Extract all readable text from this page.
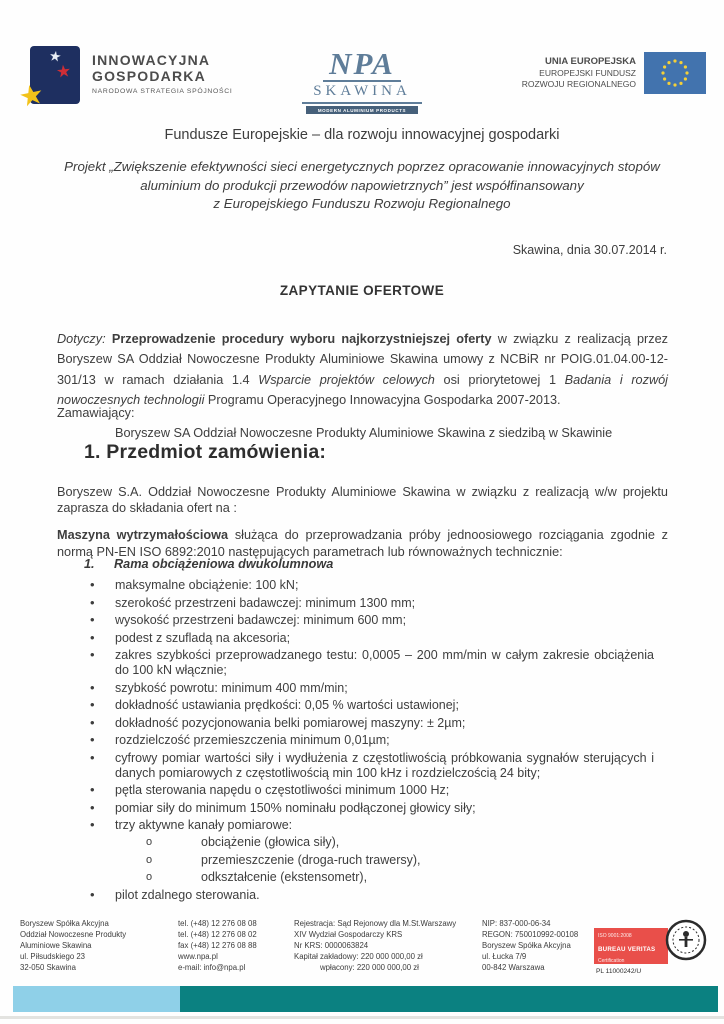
★
★
★
INNOWACYJNA
GOSPODARKA
NARODOWA STRATEGIA SPÓJNOŚCI
NPA
SKAWINA
MODERN ALUMINIUM PRODUCTS
UNIA EUROPEJSKA
EUROPEJSKI FUNDUSZ
ROZWOJU REGIONALNEGO
Fundusze Europejskie – dla rozwoju innowacyjnej gospodarki
Projekt „Zwiększenie efektywności sieci energetycznych poprzez opracowanie innowacyjnych stopów
aluminium do produkcji przewodów napowietrznych” jest współfinansowany
z Europejskiego Funduszu Rozwoju Regionalnego
Skawina, dnia 30.07.2014 r.
ZAPYTANIE OFERTOWE

Dotyczy: Przeprowadzenie procedury wyboru najkorzystniejszej oferty w związku z realizacją przez Boryszew SA Oddział Nowoczesne Produkty Aluminiowe Skawina umowy z NCBiR nr POIG.01.04.00-12-301/13 w ramach działania 1.4 Wsparcie projektów celowych osi priorytetowej 1 Badania i rozwój nowoczesnych technologii Programu Operacyjnego Innowacyjna Gospodarka 2007-2013.

Zamawiający:
Boryszew SA Oddział Nowoczesne Produkty Aluminiowe Skawina z siedzibą w Skawinie
1. Przedmiot zamówienia:

Boryszew S.A. Oddział Nowoczesne Produkty Aluminiowe Skawina w związku z realizacją w/w projektu zaprasza do składania ofert na :

Maszyna wytrzymałościowa służąca do przeprowadzania próby jednoosiowego rozciągania zgodnie z normą PN-EN ISO 6892:2010 następujących parametrach lub równoważnych technicznie:

1. Rama obciążeniowa dwukolumnowa
• maksymalne obciążenie: 100 kN;
• szerokość przestrzeni badawczej: minimum 1300 mm;
• wysokość przestrzeni badawczej: minimum 600 mm;
• podest z szufladą na akcesoria;
• zakres szybkości przeprowadzanego testu: 0,0005 – 200 mm/min w całym zakresie obciążenia do 100 kN włącznie;
• szybkość powrotu: minimum 400 mm/min;
• dokładność ustawiania prędkości: 0,05 % wartości ustawionej;
• dokładność pozycjonowania belki pomiarowej maszyny: ± 2µm;
• rozdzielczość przemieszczenia minimum 0,01µm;
• cyfrowy pomiar wartości siły i wydłużenia z częstotliwością próbkowania sygnałów sterujących i danych pomiarowych z częstotliwością min 100 kHz i rozdzielczością 24 bity;
• pętla sterowania napędu o częstotliwości minimum 1000 Hz;
• pomiar siły do minimum 150% nominału podłączonej głowicy siły;
• trzy aktywne kanały pomiarowe:
o obciążenie (głowica siły),
o przemieszczenie (droga-ruch trawersy),
o odkształcenie (ekstensometr),
• pilot zdalnego sterowania.
Boryszew Spółka Akcyjna
Oddział Nowoczesne Produkty
Aluminiowe Skawina
ul. Piłsudskiego 23
32-050 Skawina
tel. (+48) 12 276 08 08
tel. (+48) 12 276 08 02
fax (+48) 12 276 08 88
www.npa.pl
e-mail: info@npa.pl
Rejestracja: Sąd Rejonowy dla M.St.Warszawy
XIV Wydział Gospodarczy KRS
Nr KRS: 0000063824
Kapitał zakładowy: 220 000 000,00 zł
wpłacony: 220 000 000,00 zł
NIP: 837-000-06-34
REGON: 750010992-00108
Boryszew Spółka Akcyjna
ul. Łucka 7/9
00-842 Warszawa
ISO 9001:2008
BUREAU VERITAS
Certification
PL 11000242/U
